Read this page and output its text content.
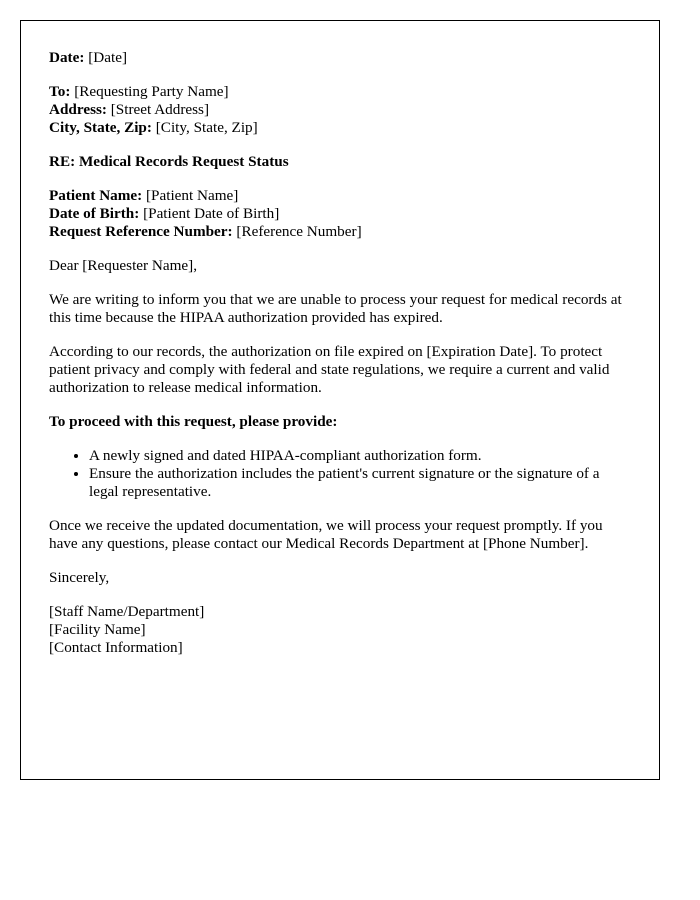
Date: [Date]

To: [Requesting Party Name]
Address: [Street Address]
City, State, Zip: [City, State, Zip]

RE: Medical Records Request Status

Patient Name: [Patient Name]
Date of Birth: [Patient Date of Birth]
Request Reference Number: [Reference Number]

Dear [Requester Name],

We are writing to inform you that we are unable to process your request for medical records at this time because the HIPAA authorization provided has expired.

According to our records, the authorization on file expired on [Expiration Date]. To protect patient privacy and comply with federal and state regulations, we require a current and valid authorization to release medical information.

To proceed with this request, please provide:

• A newly signed and dated HIPAA-compliant authorization form.
• Ensure the authorization includes the patient's current signature or the signature of a legal representative.

Once we receive the updated documentation, we will process your request promptly. If you have any questions, please contact our Medical Records Department at [Phone Number].

Sincerely,

[Staff Name/Department]
[Facility Name]
[Contact Information]
